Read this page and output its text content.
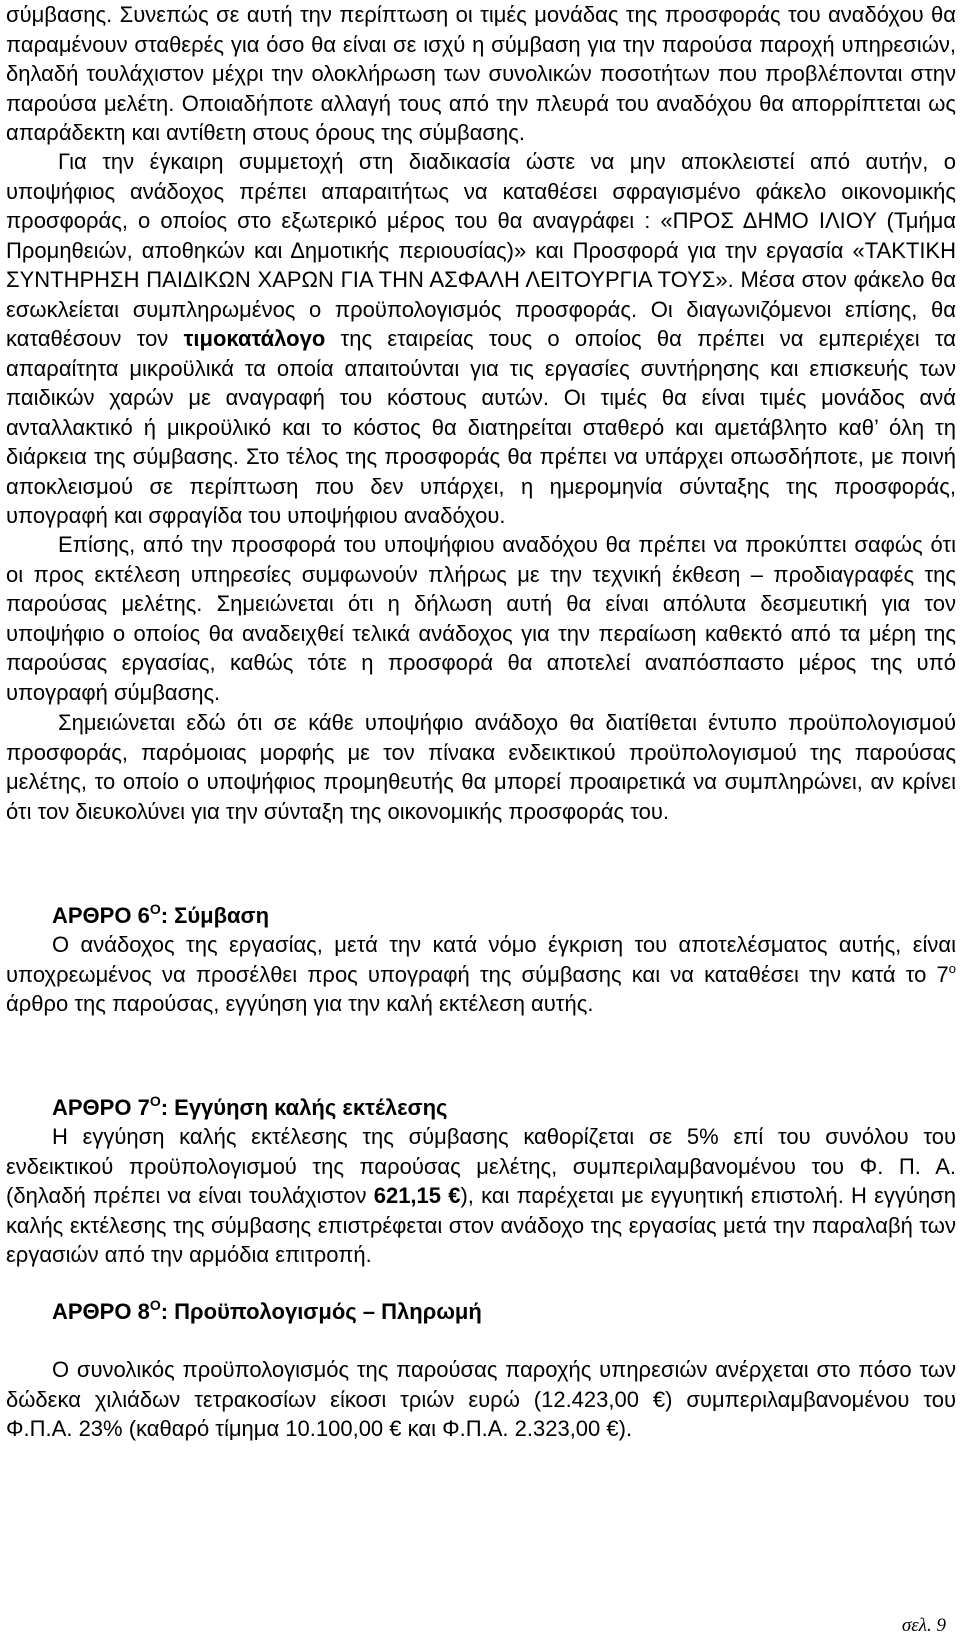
σύμβασης. Συνεπώς σε αυτή την περίπτωση οι τιμές μονάδας της προσφοράς του αναδόχου θα παραμένουν σταθερές για όσο θα είναι σε ισχύ η σύμβαση για την παρούσα παροχή υπηρεσιών, δηλαδή τουλάχιστον μέχρι την ολοκλήρωση των συνολικών ποσοτήτων που προβλέπονται στην παρούσα μελέτη. Οποιαδήποτε αλλαγή τους από την πλευρά του αναδόχου θα απορρίπτεται ως απαράδεκτη και αντίθετη στους όρους της σύμβασης.

Για την έγκαιρη συμμετοχή στη διαδικασία ώστε να μην αποκλειστεί από αυτήν, ο υποψήφιος ανάδοχος πρέπει απαραιτήτως να καταθέσει σφραγισμένο φάκελο οικονομικής προσφοράς, ο οποίος στο εξωτερικό μέρος του θα αναγράφει : «ΠΡΟΣ ΔΗΜΟ ΙΛΙΟΥ (Τμήμα Προμηθειών, αποθηκών και Δημοτικής περιουσίας)» και Προσφορά για την εργασία «ΤΑΚΤΙΚΗ ΣΥΝΤΗΡΗΣΗ ΠΑΙΔΙΚΩΝ ΧΑΡΩΝ ΓΙΑ ΤΗΝ ΑΣΦΑΛΗ ΛΕΙΤΟΥΡΓΙΑ ΤΟΥΣ». Μέσα στον φάκελο θα εσωκλείεται συμπληρωμένος ο προϋπολογισμός προσφοράς. Οι διαγωνιζόμενοι επίσης, θα καταθέσουν τον τιμοκατάλογο της εταιρείας τους ο οποίος θα πρέπει να εμπεριέχει τα απαραίτητα μικροϋλικά τα οποία απαιτούνται για τις εργασίες συντήρησης και επισκευής των παιδικών χαρών με αναγραφή του κόστους αυτών. Οι τιμές θα είναι τιμές μονάδος ανά ανταλλακτικό ή μικροϋλικό και το κόστος θα διατηρείται σταθερό και αμετάβλητο καθ’ όλη τη διάρκεια της σύμβασης. Στο τέλος της προσφοράς θα πρέπει να υπάρχει οπωσδήποτε, με ποινή αποκλεισμού σε περίπτωση που δεν υπάρχει, η ημερομηνία σύνταξης της προσφοράς, υπογραφή και σφραγίδα του υποψήφιου αναδόχου.

Επίσης, από την προσφορά του υποψήφιου αναδόχου θα πρέπει να προκύπτει σαφώς ότι οι προς εκτέλεση υπηρεσίες συμφωνούν πλήρως με την τεχνική έκθεση – προδιαγραφές της παρούσας μελέτης. Σημειώνεται ότι η δήλωση αυτή θα είναι απόλυτα δεσμευτική για τον υποψήφιο ο οποίος θα αναδειχθεί τελικά ανάδοχος για την περαίωση καθεκτό από τα μέρη της παρούσας εργασίας, καθώς τότε η προσφορά θα αποτελεί αναπόσπαστο μέρος της υπό υπογραφή σύμβασης.

Σημειώνεται εδώ ότι σε κάθε υποψήφιο ανάδοχο θα διατίθεται έντυπο προϋπολογισμού προσφοράς, παρόμοιας μορφής με τον πίνακα ενδεικτικού προϋπολογισμού της παρούσας μελέτης, το οποίο ο υποψήφιος προμηθευτής θα μπορεί προαιρετικά να συμπληρώνει, αν κρίνει ότι τον διευκολύνει για την σύνταξη της οικονομικής προσφοράς του.

ΑΡΘΡΟ $6^O$: Σύμβαση

Ο ανάδοχος της εργασίας, μετά την κατά νόμο έγκριση του αποτελέσματος αυτής, είναι υποχρεωμένος να προσέλθει προς υπογραφή της σύμβασης και να καταθέσει την κατά το $7^o$ άρθρο της παρούσας, εγγύηση για την καλή εκτέλεση αυτής.

ΑΡΘΡΟ $7^O$: Εγγύηση καλής εκτέλεσης

Η εγγύηση καλής εκτέλεσης της σύμβασης καθορίζεται σε 5% επί του συνόλου του ενδεικτικού προϋπολογισμού της παρούσας μελέτης, συμπεριλαμβανομένου του Φ. Π. Α. (δηλαδή πρέπει να είναι τουλάχιστον 621,15 €), και παρέχεται με εγγυητική επιστολή. Η εγγύηση καλής εκτέλεσης της σύμβασης επιστρέφεται στον ανάδοχο της εργασίας μετά την παραλαβή των εργασιών από την αρμόδια επιτροπή.

ΑΡΘΡΟ $8^O$: Προϋπολογισμός – Πληρωμή

Ο συνολικός προϋπολογισμός της παρούσας παροχής υπηρεσιών ανέρχεται στο πόσο των δώδεκα χιλιάδων τετρακοσίων είκοσι τριών ευρώ (12.423,00 €) συμπεριλαμβανομένου του Φ.Π.Α. 23% (καθαρό τίμημα 10.100,00 € και Φ.Π.Α. 2.323,00 €).

σελ. 9
